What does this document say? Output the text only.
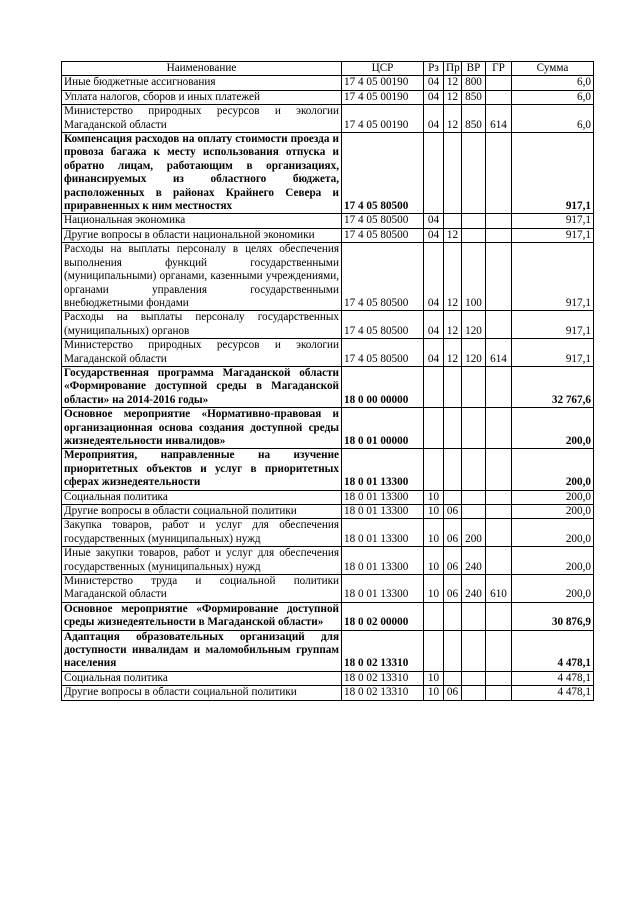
Наименование	ЦСР	Рз	Пр	ВР	ГР	Сумма
Иные бюджетные ассигнования	17 4 05 00190	04	12	800		6,0
Уплата налогов, сборов и иных платежей	17 4 05 00190	04	12	850		6,0
Министерство природных ресурсов и экологии Магаданской области	17 4 05 00190	04	12	850	614	6,0
Компенсация расходов на оплату стоимости проезда и провоза багажа к месту использования отпуска и обратно лицам, работающим в организациях, финансируемых из областного бюджета, расположенных в районах Крайнего Севера и приравненных к ним местностях	17 4 05 80500					917,1
Национальная экономика	17 4 05 80500	04				917,1
Другие вопросы в области национальной экономики	17 4 05 80500	04	12			917,1
Расходы на выплаты персоналу в целях обеспечения выполнения функций государственными (муниципальными) органами, казенными учреждениями, органами управления государственными внебюджетными фондами	17 4 05 80500	04	12	100		917,1
Расходы на выплаты персоналу государственных (муниципальных) органов	17 4 05 80500	04	12	120		917,1
Министерство природных ресурсов и экологии Магаданской области	17 4 05 80500	04	12	120	614	917,1
Государственная программа Магаданской области «Формирование доступной среды в Магаданской области» на 2014-2016 годы»	18 0 00 00000					32 767,6
Основное мероприятие «Нормативно-правовая и организационная основа создания доступной среды жизнедеятельности инвалидов»	18 0 01 00000					200,0
Мероприятия, направленные на изучение приоритетных объектов и услуг в приоритетных сферах жизнедеятельности	18 0 01 13300					200,0
Социальная политика	18 0 01 13300	10				200,0
Другие вопросы в области социальной политики	18 0 01 13300	10	06			200,0
Закупка товаров, работ и услуг для обеспечения государственных (муниципальных) нужд	18 0 01 13300	10	06	200		200,0
Иные закупки товаров, работ и услуг для обеспечения государственных (муниципальных) нужд	18 0 01 13300	10	06	240		200,0
Министерство труда и социальной политики Магаданской области	18 0 01 13300	10	06	240	610	200,0
Основное мероприятие «Формирование доступной среды жизнедеятельности в Магаданской области»	18 0 02 00000					30 876,9
Адаптация образовательных организаций для доступности инвалидам и маломобильным группам населения	18 0 02 13310					4 478,1
Социальная политика	18 0 02 13310	10				4 478,1
Другие вопросы в области социальной политики	18 0 02 13310	10	06			4 478,1
